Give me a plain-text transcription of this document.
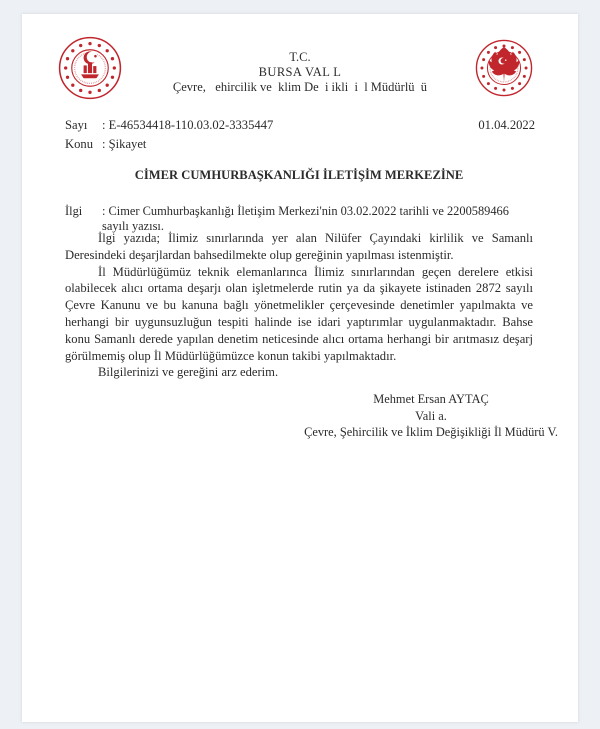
T.C.
BURSA VAL L
Çevre,   ehircilik ve  klim De  i ikli  i  l Müdürlü  ü
Sayı	: E-46534418-110.03.02-3335447
Konu : Şikayet
01.04.2022
CİMER CUMHURBAŞKANLIĞI İLETİŞİM MERKEZİNE
İlgi	: Cimer Cumhurbaşkanlığı İletişim Merkezi'nin 03.02.2022 tarihli ve 2200589466 sayılı yazısı.

İlgi yazıda; İlimiz sınırlarında yer alan Nilüfer Çayındaki kirlilik ve Samanlı Deresindeki deşarjlardan bahsedilmekte olup gereğinin yapılması istenmiştir.

İl Müdürlüğümüz teknik elemanlarınca İlimiz sınırlarından geçen derelere etkisi olabilecek alıcı ortama deşarjı olan işletmelerde rutin ya da şikayete istinaden 2872 sayılı Çevre Kanunu ve bu kanuna bağlı yönetmelikler çerçevesinde denetimler yapılmakta ve herhangi bir uygunsuzluğun tespiti halinde ise idari yaptırımlar uygulanmaktadır. Bahse konu Samanlı derede yapılan denetim neticesinde alıcı ortama herhangi bir arıtmasız deşarj görülmemiş olup İl Müdürlüğümüzce konun takibi yapılmaktadır.

Bilgilerinizi ve gereğini arz ederim.

Mehmet Ersan AYTAÇ
Vali a.
Çevre, Şehircilik ve İklim Değişikliği İl Müdürü V.
